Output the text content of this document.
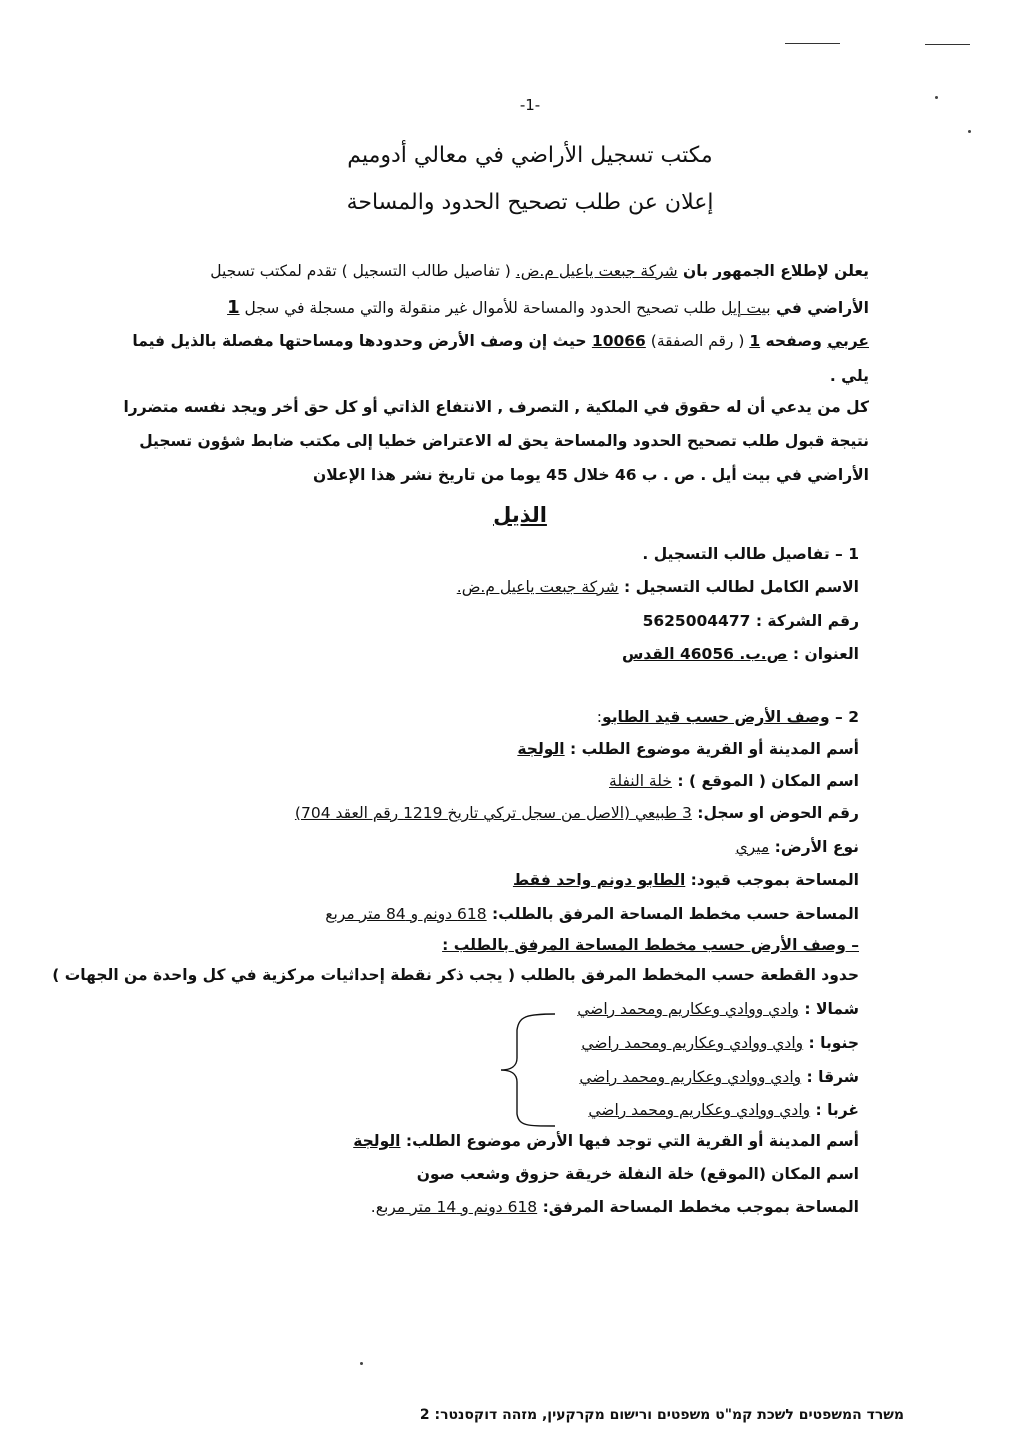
-1-
مكتب تسجيل الأراضي في معالي أدوميم
إعلان عن طلب تصحيح الحدود والمساحة
يعلن لإطلاع الجمهور بان شركة جبعت ياعيل م.ض. ( تفاصيل طالب التسجيل ) تقدم لمكتب تسجيل
الأراضي في بيت إيل طلب تصحيح الحدود والمساحة للأموال غير منقولة والتي مسجلة في سجل 1
عربي وصفحه 1 ( رقم الصفقة) 10066 حيث إن وصف الأرض وحدودها ومساحتها مفصلة بالذيل فيما
يلي .
كل من يدعي أن له حقوق في الملكية , التصرف , الانتفاع الذاتي أو كل حق أخر ويجد نفسه متضررا
نتيجة قبول طلب تصحيح الحدود والمساحة يحق له الاعتراض خطيا إلى مكتب ضابط شؤون تسجيل
الأراضي في بيت أيل . ص . ب 46 خلال 45 يوما من تاريخ نشر هذا الإعلان
الذيل
1 – تفاصيل طالب التسجيل .
الاسم الكامل لطالب التسجيل : شركة جبعت ياعيل م.ض.
رقم الشركة : 5625004477
العنوان : ص.ب. 46056 القدس
2 – وصف الأرض حسب قيد الطابو:
أسم المدينة أو القرية موضوع الطلب : الولجة
اسم المكان ( الموقع ) : خلة النفلة
رقم الحوض او سجل: 3 طبيعي (الاصل من سجل تركي تاريخ 1219 رقم العقد 704)
نوع الأرض: ميري
المساحة بموجب قيود: الطابو دونم واحد فقط
المساحة حسب مخطط المساحة المرفق بالطلب: 618 دونم و 84 متر مربع
– وصف الأرض حسب مخطط المساحة المرفق بالطلب :
حدود القطعة حسب المخطط المرفق بالطلب ( يجب ذكر نقطة إحداثيات مركزية في كل واحدة من الجهات )
شمالا : وادي ووادي وعكاريم ومحمد راضي
جنوبا : وادي ووادي وعكاريم ومحمد راضي
شرقا : وادي ووادي وعكاريم ومحمد راضي
غربا : وادي ووادي وعكاريم ومحمد راضي
أسم المدينة أو القرية التي توجد فيها الأرض موضوع الطلب: الولجة
اسم المكان (الموقع) خلة النفلة خريقة حزوق وشعب صون
المساحة بموجب مخطط المساحة المرفق: 618 دونم و 14 متر مربع.
משרד המשפטים לשכת קמ"ט משפטים ורישום מקרקעין, מזהה דוקסנטר: 2
